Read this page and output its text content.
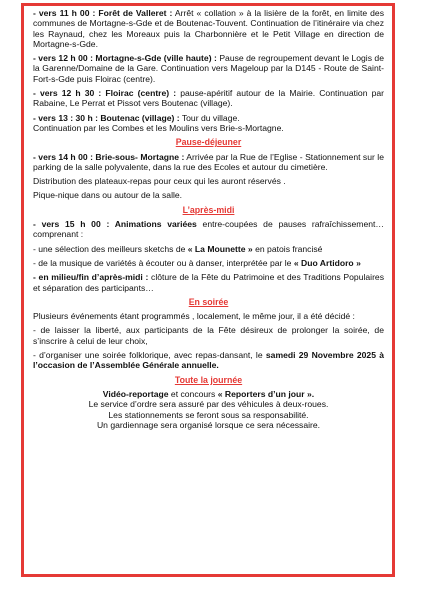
- vers 11 h 00 : Forêt de Valleret : Arrêt « collation » à la lisière de la forêt, en limite des communes de Mortagne-s-Gde et de Boutenac-Touvent. Continuation de l’itinéraire via chez les Raynaud, chez les Moreaux puis la Charbonnière et le Petit Village en direction de Mortagne-s-Gde.

- vers 12 h 00 : Mortagne-s-Gde (ville haute) : Pause de regroupement devant le Logis de la Garenne/Domaine de la Gare. Continuation vers Mageloup par la D145 - Route de Saint-Fort-s-Gde puis Floirac (centre).

- vers 12 h 30 : Floirac (centre) : pause-apéritif autour de la Mairie. Continuation par Rabaine, Le Perrat et Pissot vers Boutenac (village).

- vers 13 : 30 h : Boutenac (village) : Tour du village.

Continuation par les Combes et les Moulins vers Brie-s-Mortagne.

Pause-déjeuner

- vers 14 h 00 : Brie-sous- Mortagne : Arrivée par la Rue de l’Eglise - Stationnement sur le parking de la salle polyvalente, dans la rue des Ecoles et autour du cimetière.

Distribution des plateaux-repas pour ceux qui les auront réservés .

Pique-nique dans ou autour de la salle.

L’après-midi

- vers 15 h 00 : Animations variées entre-coupées de pauses rafraîchissement… comprenant :

- une sélection des meilleurs sketchs de « La Mounette » en patois francisé

- de la musique de variétés à écouter ou à danser, interprétée par le « Duo Artidoro »

- en milieu/fin d’après-midi : clôture de la Fête du Patrimoine et des Traditions Populaires et séparation des participants…

En soirée

Plusieurs événements étant programmés , localement, le même jour, il a été décidé :

- de laisser la liberté, aux participants de la Fête désireux de prolonger la soirée, de s’inscrire à celui de leur choix,

- d’organiser une soirée folklorique, avec repas-dansant, le samedi 29 Novembre 2025 à l’occasion de l’Assemblée Générale annuelle.

Toute la journée

Vidéo-reportage et concours « Reporters d’un jour ».

Le service d’ordre sera assuré par des véhicules à deux-roues.

Les stationnements se feront sous sa responsabilité.

Un gardiennage sera organisé lorsque ce sera nécessaire.
